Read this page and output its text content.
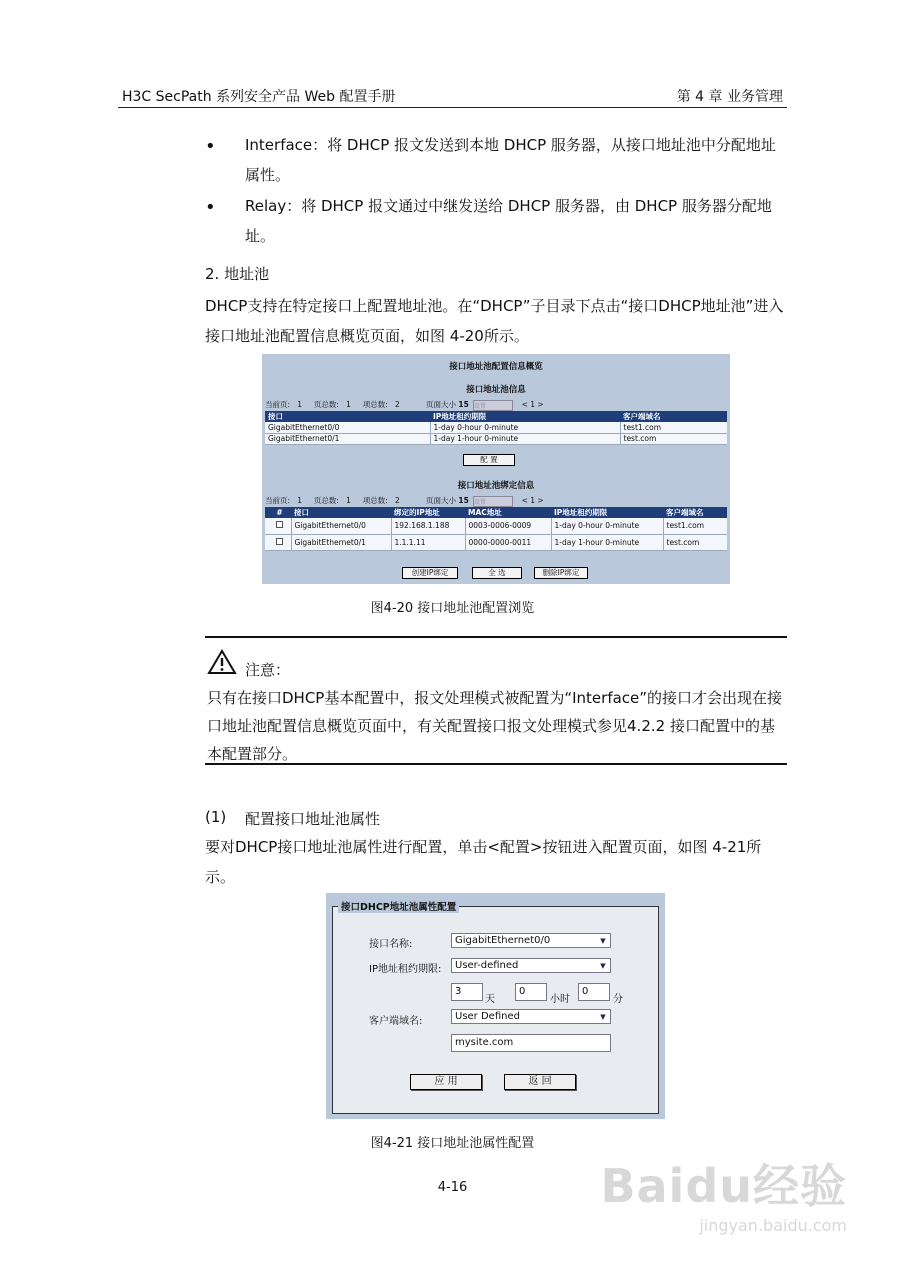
H3C SecPath 系列安全产品 Web 配置手册	第 4 章 业务管理
• Interface：将 DHCP 报文发送到本地 DHCP 服务器，从接口地址池中分配地址属性。
• Relay：将 DHCP 报文通过中继发送给 DHCP 服务器，由 DHCP 服务器分配地址。
2. 地址池
DHCP支持在特定接口上配置地址池。在“DHCP”子目录下点击“接口DHCP地址池”进入接口地址池配置信息概览页面，如图 4-20所示。
接口地址池配置信息概览
接口地址池信息
当前页: 1 页总数: 1 项总数: 2	页面大小 15 设置	< 1 >
接口	IP地址租约期限	客户端域名
GigabitEthernet0/0	1-day 0-hour 0-minute	test1.com
GigabitEthernet0/1	1-day 1-hour 0-minute	test.com
配 置
接口地址池绑定信息
当前页: 1 页总数: 1 项总数: 2	页面大小 15 设置	< 1 >
#	接口	绑定的IP地址	MAC地址	IP地址租约期限	客户端域名
	GigabitEthernet0/0	192.168.1.188	0003-0006-0009	1-day 0-hour 0-minute	test1.com
	GigabitEthernet0/1	1.1.1.11	0000-0000-0011	1-day 1-hour 0-minute	test.com
创建IP绑定	全 选	删除IP绑定
图4-20 接口地址池配置浏览
注意：
只有在接口DHCP基本配置中，报文处理模式被配置为“Interface”的接口才会出现在接口地址池配置信息概览页面中，有关配置接口报文处理模式参见4.2.2 接口配置中的基本配置部分。
(1) 配置接口地址池属性
要对DHCP接口地址池属性进行配置，单击<配置>按钮进入配置页面，如图 4-21所示。
接口名称:	GigabitEthernet0/0	▼
IP地址租约期限:	User-defined	▼
3
天
0
小时
0
分
客户端域名:	User Defined	▼
mysite.com
应 用	返 回
接口DHCP地址池属性配置
图4-21 接口地址池属性配置
4-16	Baidu经验
jingyan.baidu.com
